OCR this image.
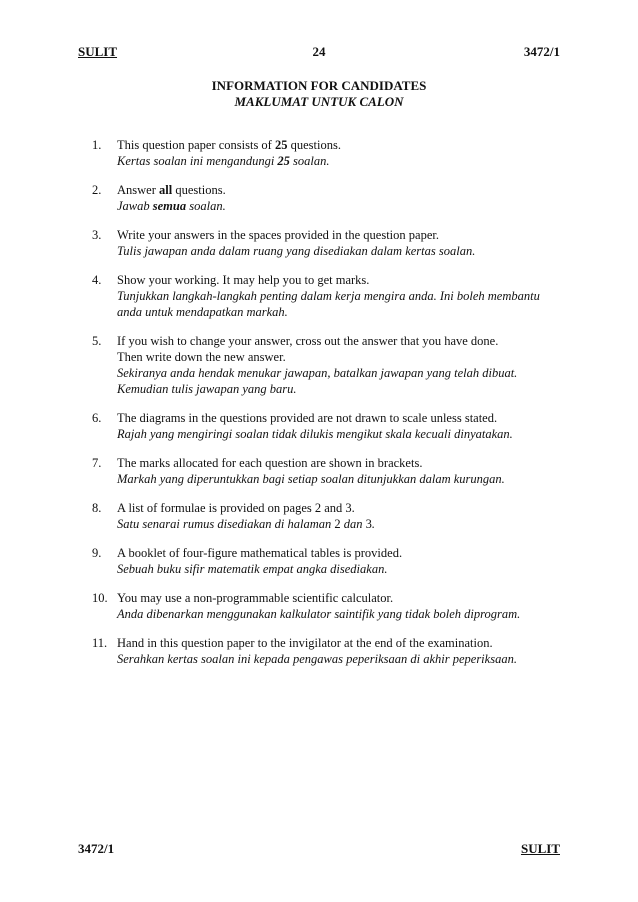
SULIT	24	3472/1
INFORMATION FOR CANDIDATES
MAKLUMAT UNTUK CALON
1. This question paper consists of 25 questions.
Kertas soalan ini mengandungi 25 soalan.
2. Answer all questions.
Jawab semua soalan.
3. Write your answers in the spaces provided in the question paper.
Tulis jawapan anda dalam ruang yang disediakan dalam kertas soalan.
4. Show your working. It may help you to get marks.
Tunjukkan langkah-langkah penting dalam kerja mengira anda. Ini boleh membantu
anda untuk mendapatkan markah.
5. If you wish to change your answer, cross out the answer that you have done.
Then write down the new answer.
Sekiranya anda hendak menukar jawapan, batalkan jawapan yang telah dibuat.
Kemudian tulis jawapan yang baru.
6. The diagrams in the questions provided are not drawn to scale unless stated.
Rajah yang mengiringi soalan tidak dilukis mengikut skala kecuali dinyatakan.
7. The marks allocated for each question are shown in brackets.
Markah yang diperuntukkan bagi setiap soalan ditunjukkan dalam kurungan.
8. A list of formulae is provided on pages 2 and 3.
Satu senarai rumus disediakan di halaman 2 dan 3.
9. A booklet of four-figure mathematical tables is provided.
Sebuah buku sifir matematik empat angka disediakan.
10. You may use a non-programmable scientific calculator.
Anda dibenarkan menggunakan kalkulator saintifik yang tidak boleh diprogram.
11. Hand in this question paper to the invigilator at the end of the examination.
Serahkan kertas soalan ini kepada pengawas peperiksaan di akhir peperiksaan.
3472/1	SULIT
